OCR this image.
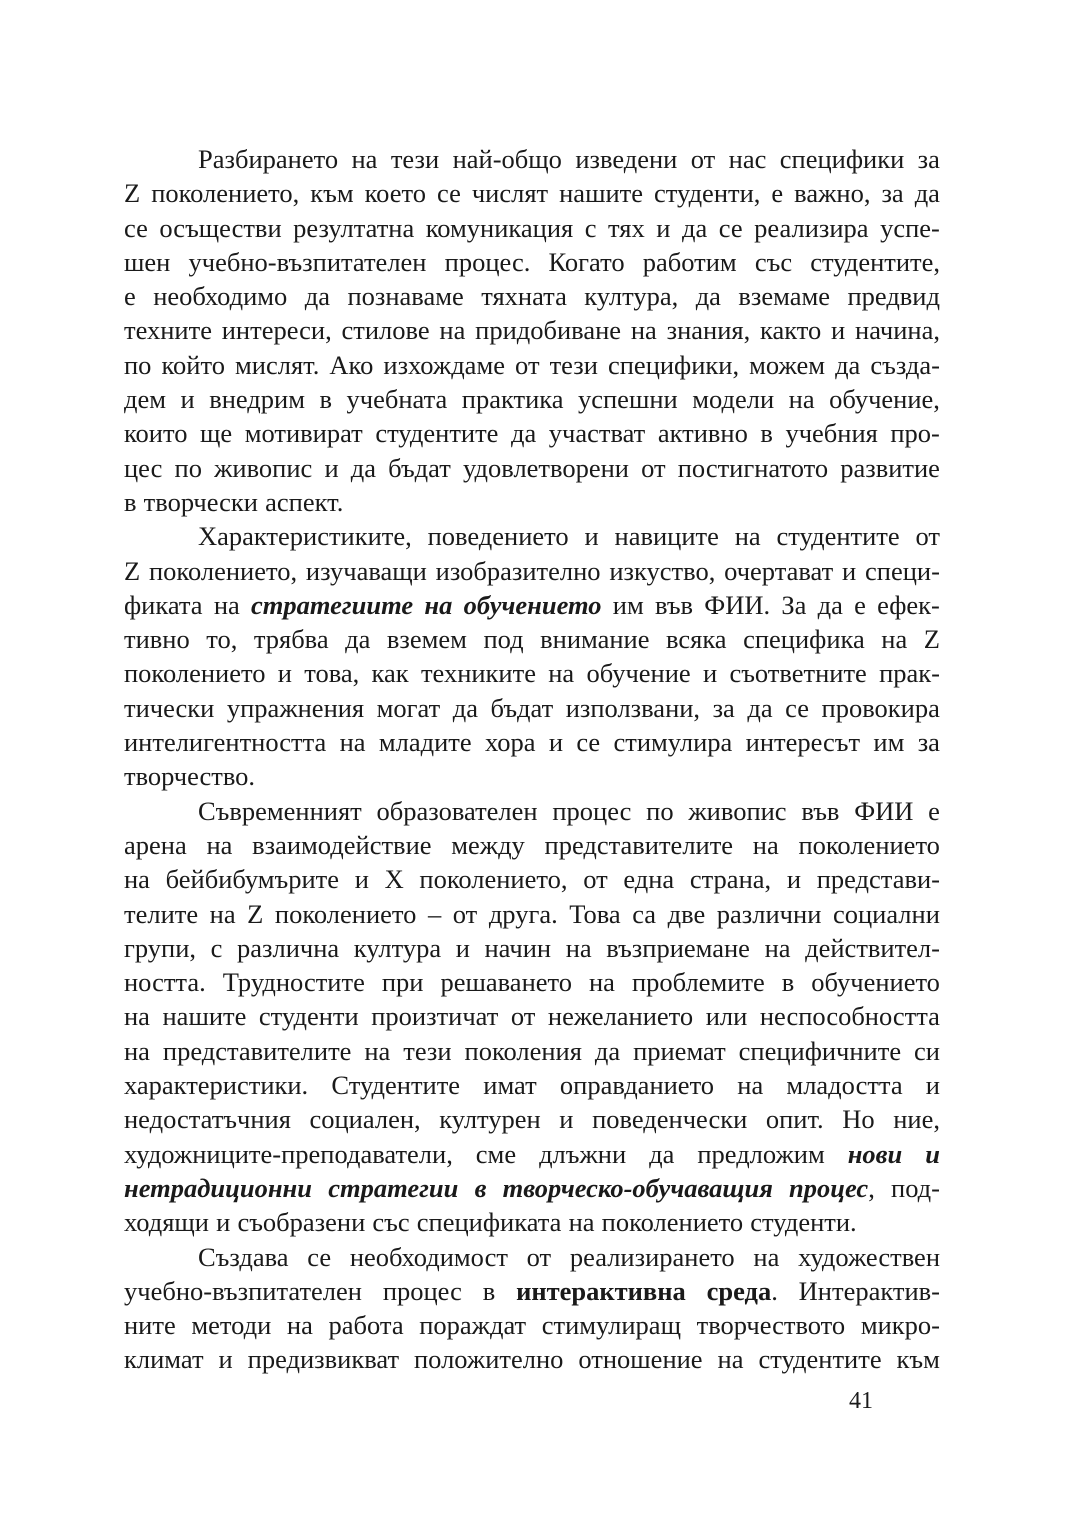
Разбирането на тези най-общо изведени от нас специфики за
Z поколението, към което се числят нашите студенти, е важно, за да
се осъществи резултатна комуникация с тях и да се реализира успе-
шен учебно-възпитателен процес. Когато работим със студентите,
е необходимо да познаваме тяхната култура, да вземаме предвид
техните интереси, стилове на придобиване на знания, както и начина,
по който мислят. Ако изхождаме от тези специфики, можем да създа-
дем и внедрим в учебната практика успешни модели на обучение,
които ще мотивират студентите да участват активно в учебния про-
цес по живопис и да бъдат удовлетворени от постигнатото развитие
в творчески аспект.
Характеристиките, поведението и навиците на студентите от
Z поколението, изучаващи изобразително изкуство, очертават и специ-
фиката на стратегиите на обучението им във ФИИ. За да е ефек-
тивно то, трябва да вземем под внимание всяка специфика на Z
поколението и това, как техниките на обучение и съответните прак-
тически упражнения могат да бъдат използвани, за да се провокира
интелигентността на младите хора и се стимулира интересът им за
творчество.
Съвременният образователен процес по живопис във ФИИ е
арена на взаимодействие между представителите на поколението
на бейбибумърите и X поколението, от една страна, и представи-
телите на Z поколението – от друга. Това са две различни социални
групи, с различна култура и начин на възприемане на действител-
ността. Трудностите при решаването на проблемите в обучението
на нашите студенти произтичат от нежеланието или неспособността
на представителите на тези поколения да приемат специфичните си
характеристики. Студентите имат оправданието на младостта и
недостатъчния социален, културен и поведенчески опит. Но ние,
художниците-преподаватели, сме длъжни да предложим нови и
нетрадиционни стратегии в творческо-обучаващия процес, под-
ходящи и съобразени със спецификата на поколението студенти.
Създава се необходимост от реализирането на художествен
учебно-възпитателен процес в интерактивна среда. Интерактив-
ните методи на работа пораждат стимулиращ творчеството микро-
климат и предизвикват положително отношение на студентите към
41
